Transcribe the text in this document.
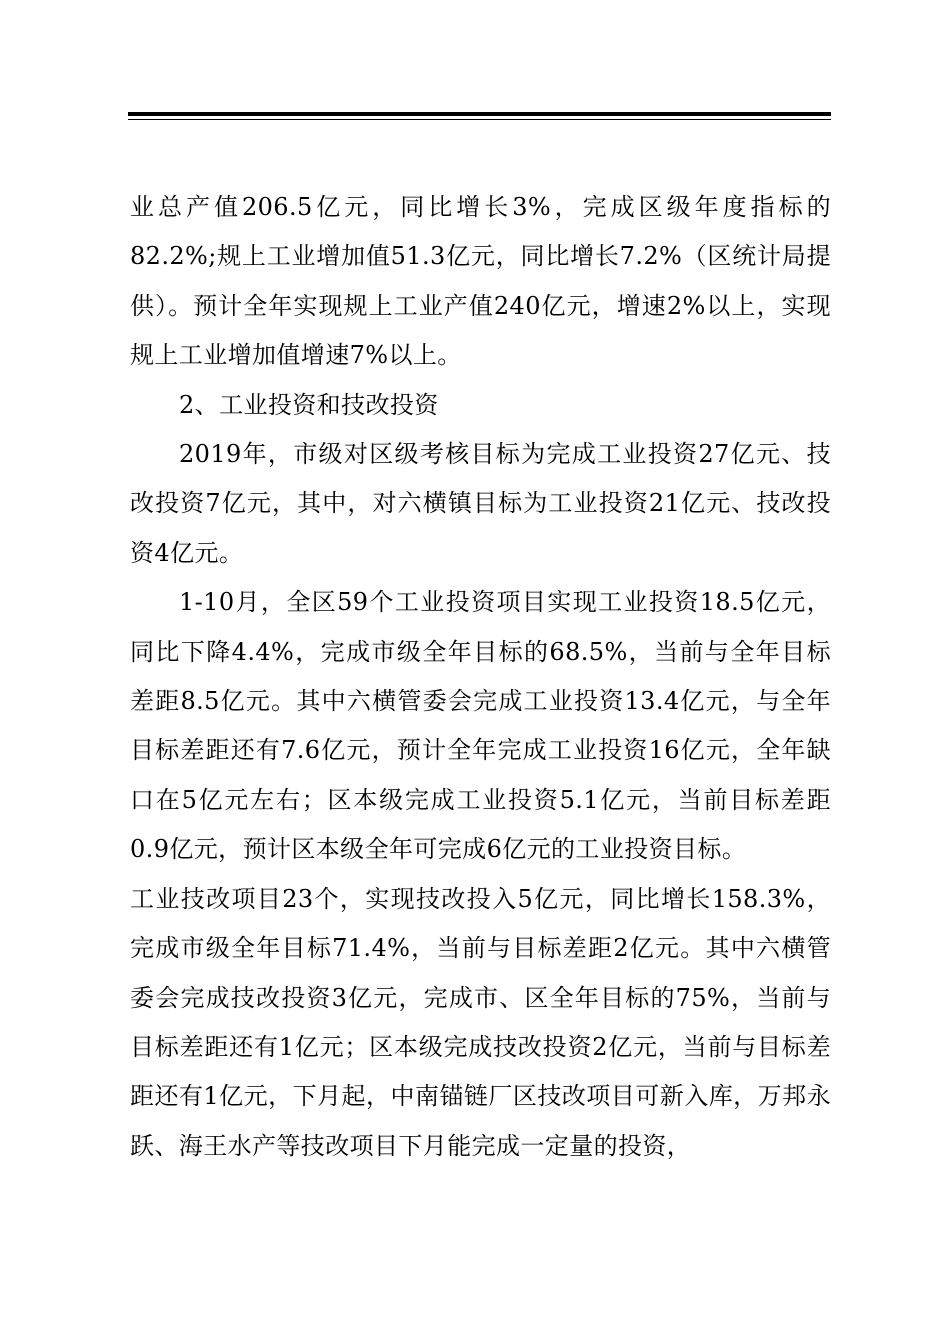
业总产值206.5亿元，同比增长3%，完成区级年度指标的82.2%;规上工业增加值51.3亿元，同比增长7.2%（区统计局提供）。预计全年实现规上工业产值240亿元，增速2%以上，实现规上工业增加值增速7%以上。

2、工业投资和技改投资

2019年，市级对区级考核目标为完成工业投资27亿元、技改投资7亿元，其中，对六横镇目标为工业投资21亿元、技改投资4亿元。

1-10月，全区59个工业投资项目实现工业投资18.5亿元，同比下降4.4%，完成市级全年目标的68.5%，当前与全年目标差距8.5亿元。其中六横管委会完成工业投资13.4亿元，与全年目标差距还有7.6亿元，预计全年完成工业投资16亿元，全年缺口在5亿元左右；区本级完成工业投资5.1亿元，当前目标差距0.9亿元，预计区本级全年可完成6亿元的工业投资目标。

工业技改项目23个，实现技改投入5亿元，同比增长158.3%，完成市级全年目标71.4%，当前与目标差距2亿元。其中六横管委会完成技改投资3亿元，完成市、区全年目标的75%，当前与目标差距还有1亿元；区本级完成技改投资2亿元，当前与目标差距还有1亿元，下月起，中南锚链厂区技改项目可新入库，万邦永跃、海王水产等技改项目下月能完成一定量的投资，
